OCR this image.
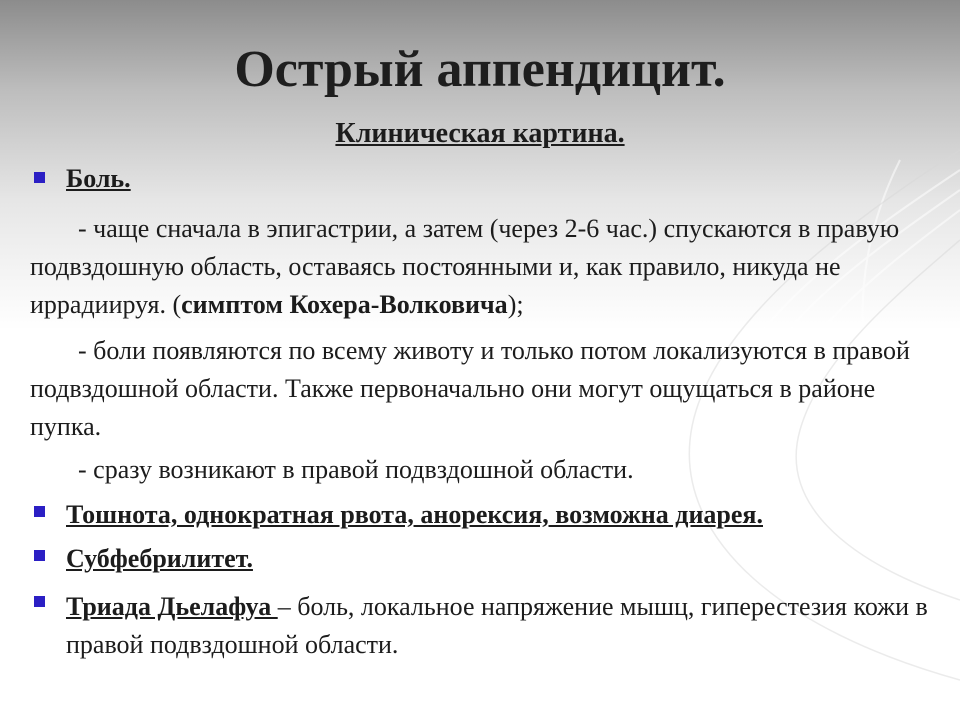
Острый аппендицит.
Клиническая картина.
Боль.

- чаще сначала в эпигастрии, а затем (через 2-6 час.) спускаются в правую подвздошную область, оставаясь постоянными и, как правило, никуда не иррадиируя. (симптом Кохера-Волковича);

- боли появляются по всему животу и только потом локализуются в правой подвздошной области. Также первоначально они могут ощущаться в районе пупка.

- сразу возникают в правой подвздошной области.

Тошнота, однократная рвота, анорексия, возможна диарея.
Субфебрилитет.

Триада Дьелафуа – боль, локальное напряжение мышц, гиперестезия кожи в правой подвздошной области.
